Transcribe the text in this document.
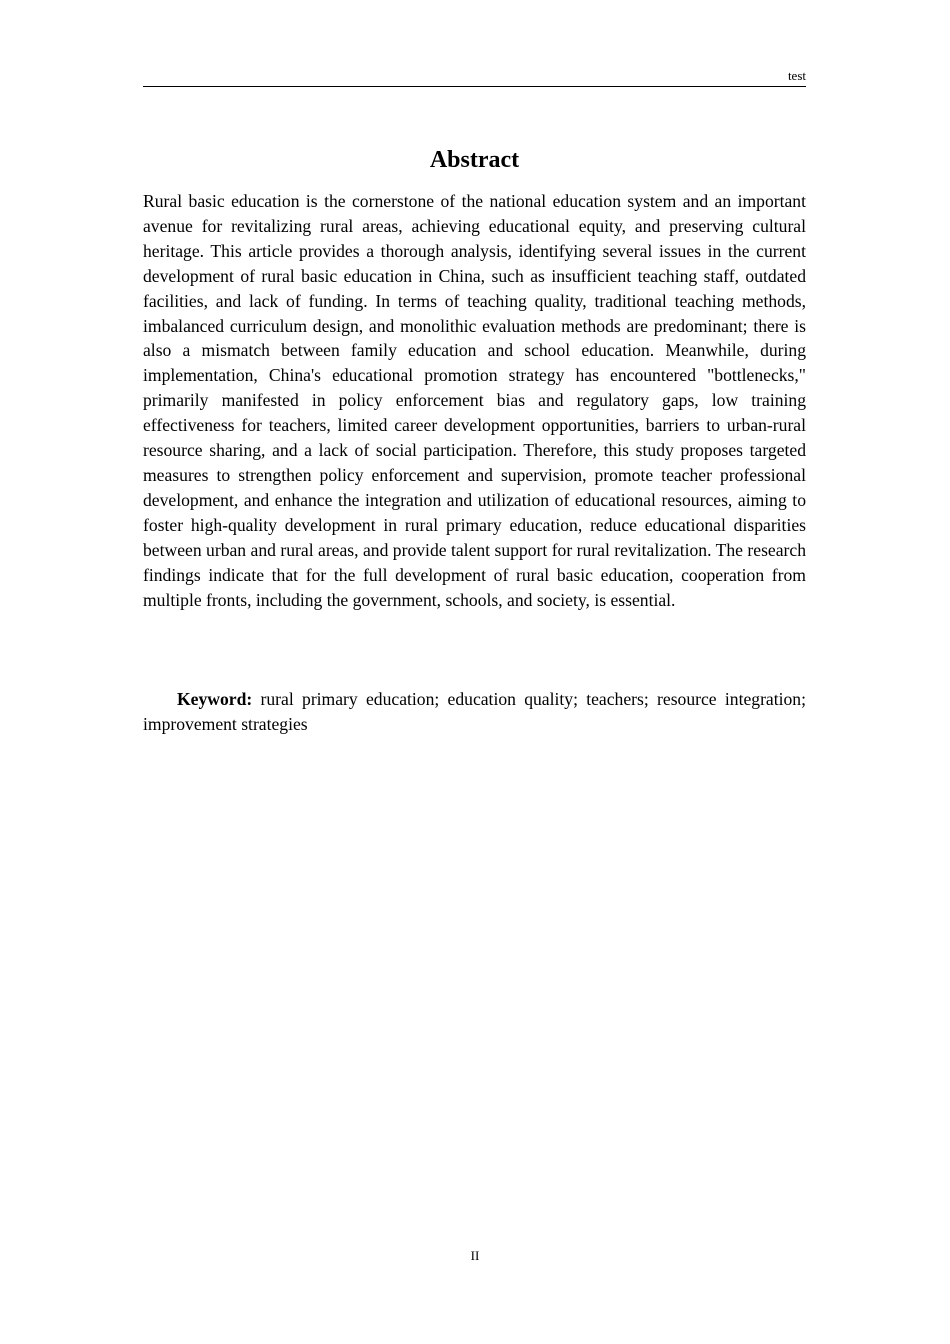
test
Abstract

Rural basic education is the cornerstone of the national education system and an important avenue for revitalizing rural areas, achieving educational equity, and preserving cultural heritage. This article provides a thorough analysis, identifying several issues in the current development of rural basic education in China, such as insufficient teaching staff, outdated facilities, and lack of funding. In terms of teaching quality, traditional teaching methods, imbalanced curriculum design, and monolithic evaluation methods are predominant; there is also a mismatch between family education and school education. Meanwhile, during implementation, China's educational promotion strategy has encountered "bottlenecks," primarily manifested in policy enforcement bias and regulatory gaps, low training effectiveness for teachers, limited career development opportunities, barriers to urban-rural resource sharing, and a lack of social participation. Therefore, this study proposes targeted measures to strengthen policy enforcement and supervision, promote teacher professional development, and enhance the integration and utilization of educational resources, aiming to foster high-quality development in rural primary education, reduce educational disparities between urban and rural areas, and provide talent support for rural revitalization. The research findings indicate that for the full development of rural basic education, cooperation from multiple fronts, including the government, schools, and society, is essential.

Keyword: rural primary education; education quality; teachers; resource integration; improvement strategies

II
